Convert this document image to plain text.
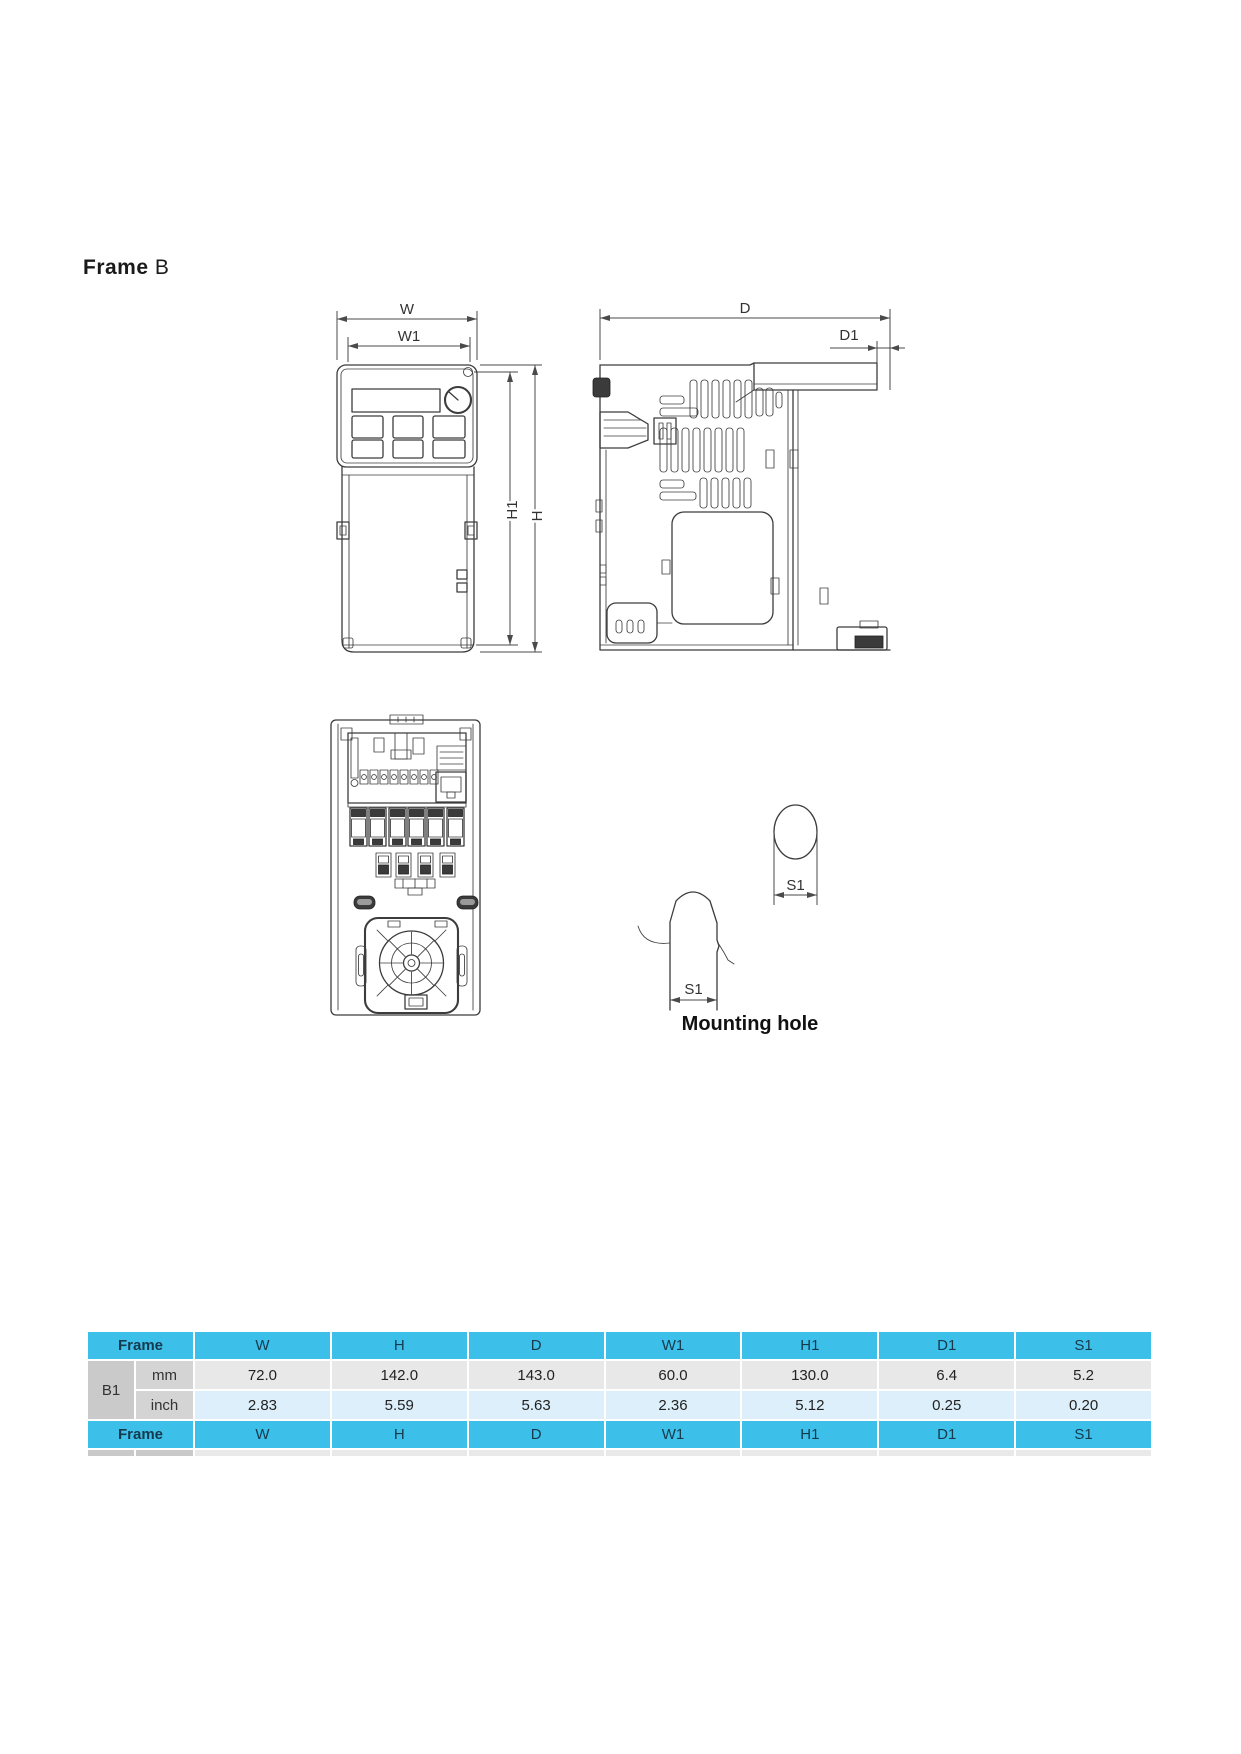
Frame B
W
W1
H
H1
D
D1
S1
S1
Mounting hole
Frame	W	H	D	W1	H1	D1	S1
B1
mm	72.0	142.0	143.0	60.0	130.0	6.4	5.2
inch	2.83	5.59	5.63	2.36	5.12	0.25	0.20
Frame	W	H	D	W1	H1	D1	S1
